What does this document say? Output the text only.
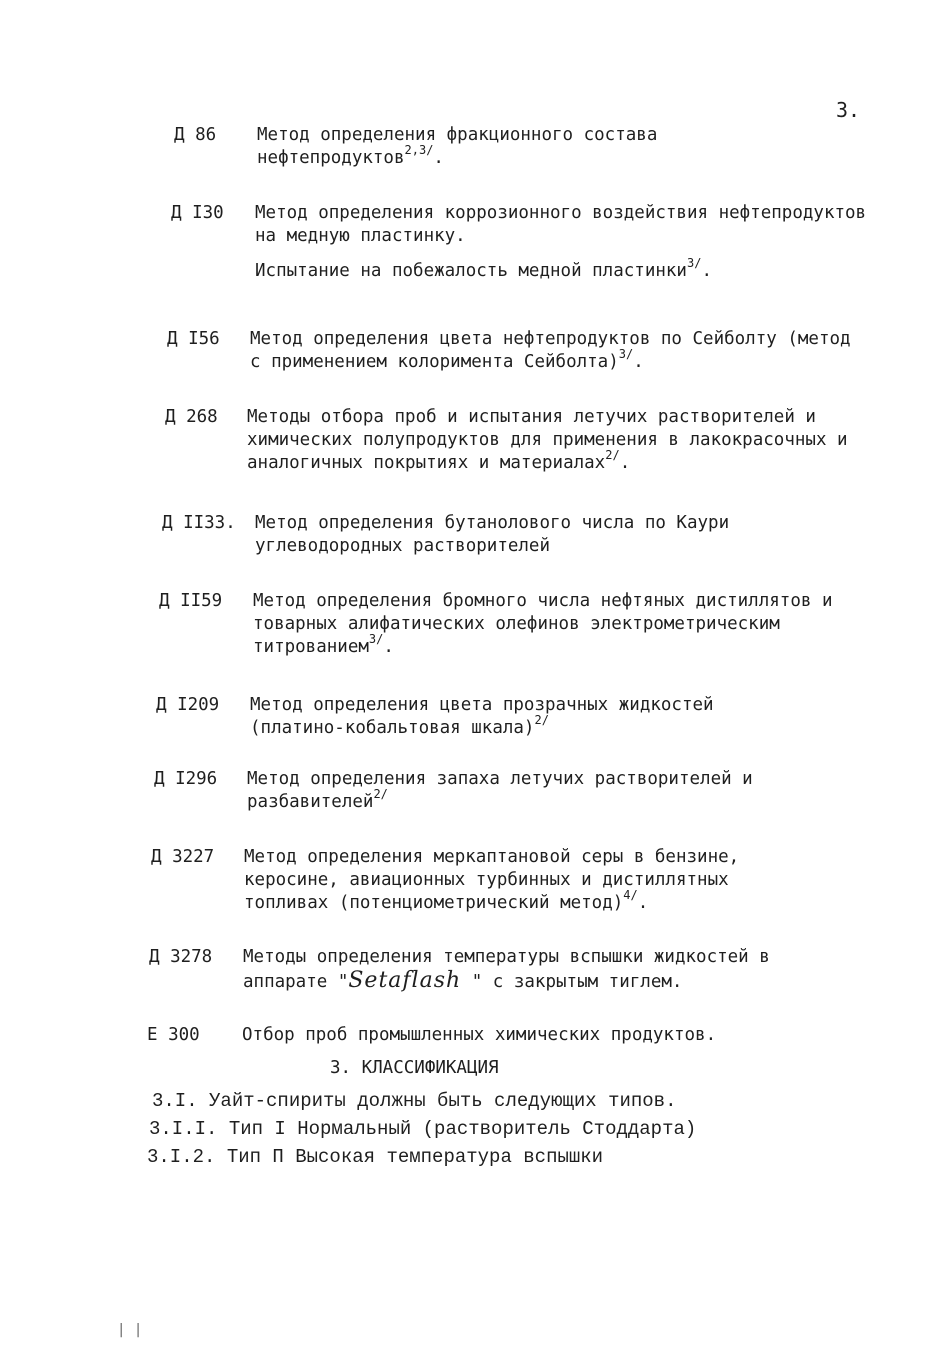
3.
Д 86 Метод определения фракционного состава нефтепродуктов$^{2,3/}$.

Д I30 Метод определения коррозионного воздействия нефтепродуктов на медную пластинку.

Испытание на побежалость медной пластинки$^{3/}$.

Д I56 Метод определения цвета нефтепродуктов по Сейболту (метод с применением колоримента Сейболта)$^{3/}$.

Д 268 Методы отбора проб и испытания летучих растворителей и химических полупродуктов для применения в лакокрасочных и аналогичных покрытиях и материалах$^{2/}$.

Д II33. Метод определения бутанолового числа по Каури углеводородных растворителей

Д II59 Метод определения бромного числа нефтяных дистиллятов и товарных алифатических олефинов электрометрическим титрованием$^{3/}$.

Д I209 Метод определения цвета прозрачных жидкостей (платино-кобальтовая шкала)$^{2/}$

Д I296 Метод определения запаха летучих растворителей и разбавителей$^{2/}$

Д 3227 Метод определения меркаптановой серы в бензине, керосине, авиационных турбинных и дистиллятных топливах (потенциометрический метод)$^{4/}$.

Д 3278 Методы определения температуры вспышки жидкостей в аппарате "Setaflash " с закрытым тиглем.

Е 300 Отбор проб промышленных химических продуктов.

3. КЛАССИФИКАЦИЯ
3.I. Уайт-спириты должны быть следующих типов.
3.I.I. Тип I Нормальный (растворитель Стоддарта)
3.I.2. Тип П Высокая температура вспышки
| |
